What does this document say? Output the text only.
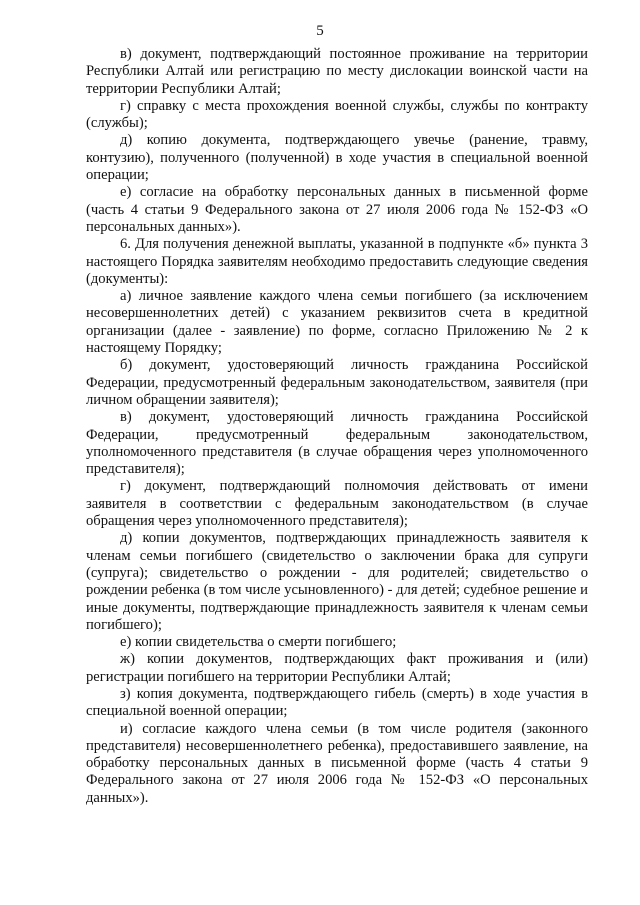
5

в) документ, подтверждающий постоянное проживание на территории Республики Алтай или регистрацию по месту дислокации воинской части на территории Республики Алтай;

г) справку с места прохождения военной службы, службы по контракту (службы);

д) копию документа, подтверждающего увечье (ранение, травму, контузию), полученного (полученной) в ходе участия в специальной военной операции;

е) согласие на обработку персональных данных в письменной форме (часть 4 статьи 9 Федерального закона от 27 июля 2006 года № 152-ФЗ «О персональных данных»).

6. Для получения денежной выплаты, указанной в подпункте «б» пункта 3 настоящего Порядка заявителям необходимо предоставить следующие сведения (документы):

а) личное заявление каждого члена семьи погибшего (за исключением несовершеннолетних детей) с указанием реквизитов счета в кредитной организации (далее - заявление) по форме, согласно Приложению № 2 к настоящему Порядку;

б) документ, удостоверяющий личность гражданина Российской Федерации, предусмотренный федеральным законодательством, заявителя (при личном обращении заявителя);

в) документ, удостоверяющий личность гражданина Российской Федерации, предусмотренный федеральным законодательством, уполномоченного представителя (в случае обращения через уполномоченного представителя);

г) документ, подтверждающий полномочия действовать от имени заявителя в соответствии с федеральным законодательством (в случае обращения через уполномоченного представителя);

д) копии документов, подтверждающих принадлежность заявителя к членам семьи погибшего (свидетельство о заключении брака для супруги (супруга); свидетельство о рождении - для родителей; свидетельство о рождении ребенка (в том числе усыновленного) - для детей; судебное решение и иные документы, подтверждающие принадлежность заявителя к членам семьи погибшего);

е) копии свидетельства о смерти погибшего;

ж) копии документов, подтверждающих факт проживания и (или) регистрации погибшего на территории Республики Алтай;

з) копия документа, подтверждающего гибель (смерть) в ходе участия в специальной военной операции;

и) согласие каждого члена семьи (в том числе родителя (законного представителя) несовершеннолетнего ребенка), предоставившего заявление, на обработку персональных данных в письменной форме (часть 4 статьи 9 Федерального закона от 27 июля 2006 года № 152-ФЗ «О персональных данных»).
